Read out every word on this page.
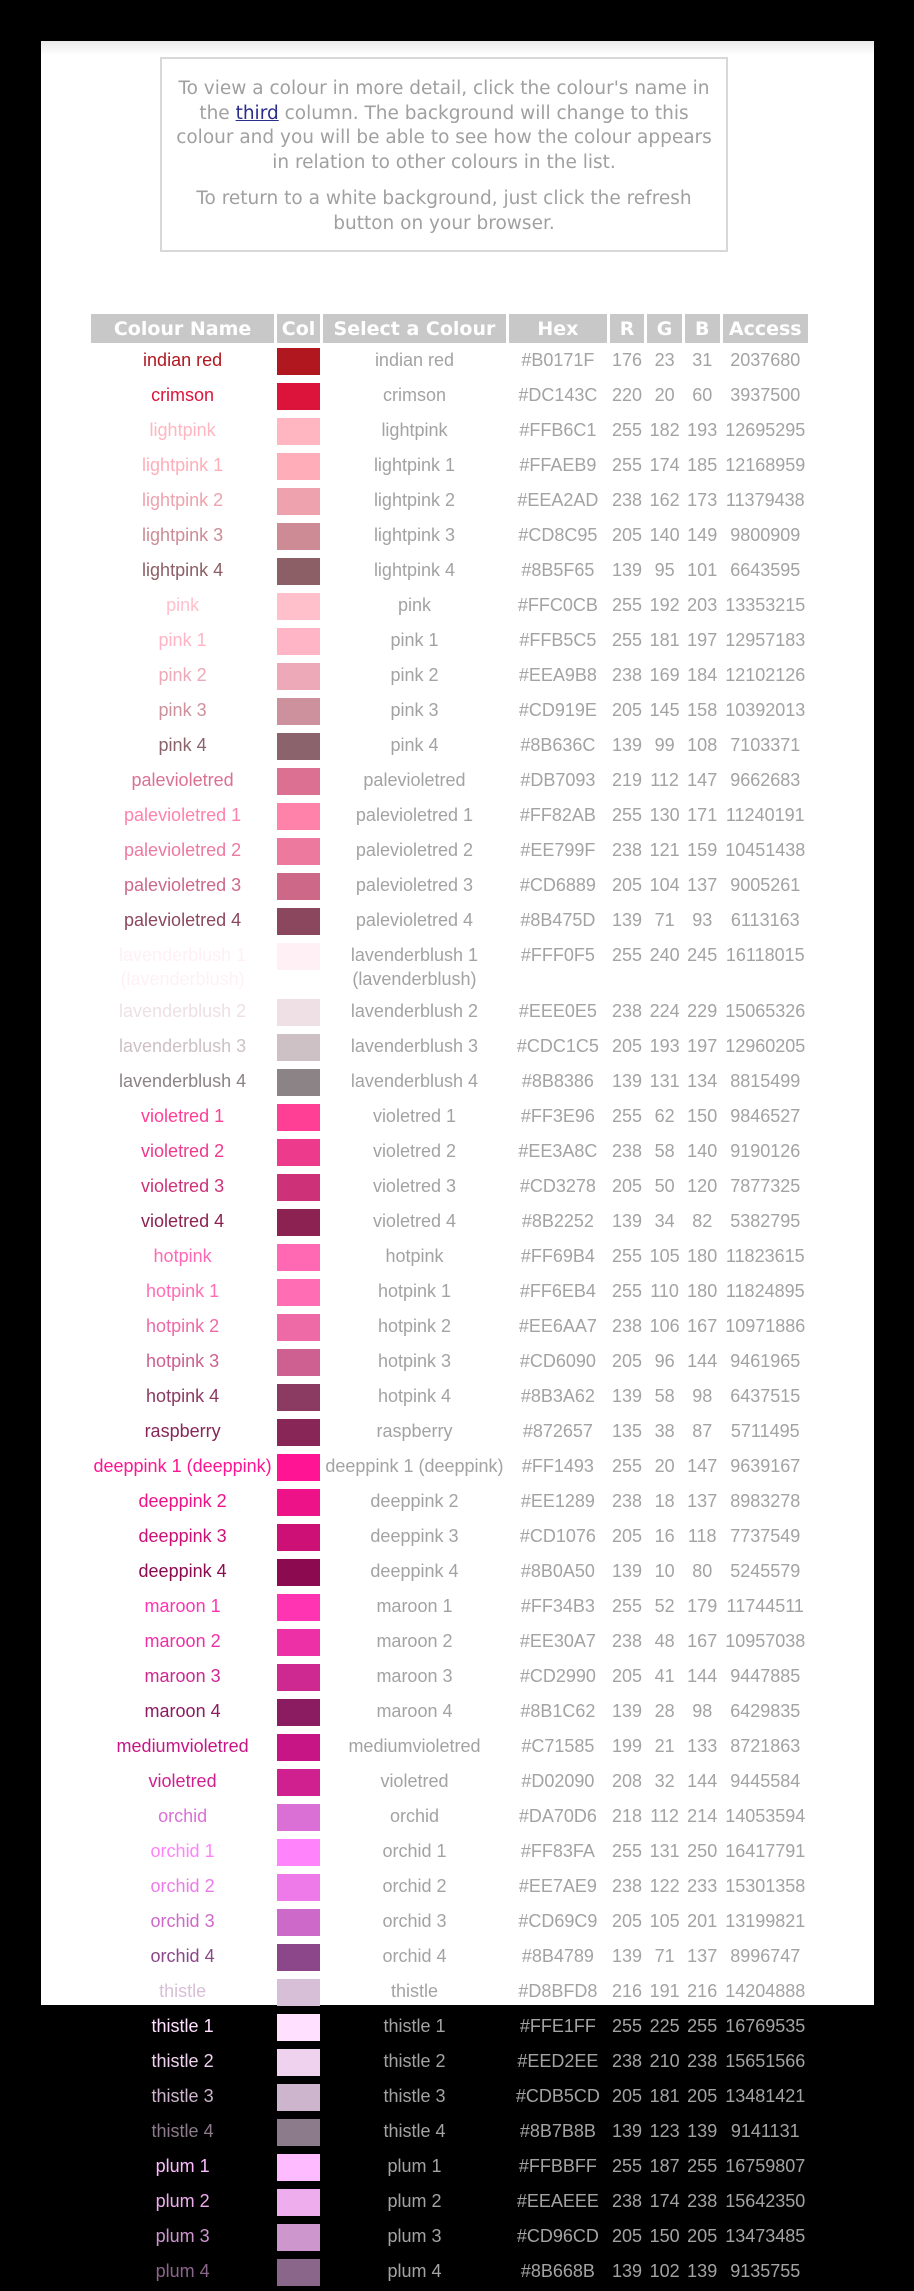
To view a colour in more detail, click the colour's name in the third column. The background will change to this colour and you will be able to see how the colour appears in relation to other colours in the list.

To return to a white background, just click the refresh button on your browser.

Colour Name	Col	Select a Colour	Hex	R	G	B	Access
indian red		indian red	#B0171F	176	23	31	2037680
crimson		crimson	#DC143C	220	20	60	3937500
lightpink		lightpink	#FFB6C1	255	182	193	12695295
lightpink 1		lightpink 1	#FFAEB9	255	174	185	12168959
lightpink 2		lightpink 2	#EEA2AD	238	162	173	11379438
lightpink 3		lightpink 3	#CD8C95	205	140	149	9800909
lightpink 4		lightpink 4	#8B5F65	139	95	101	6643595
pink		pink	#FFC0CB	255	192	203	13353215
pink 1		pink 1	#FFB5C5	255	181	197	12957183
pink 2		pink 2	#EEA9B8	238	169	184	12102126
pink 3		pink 3	#CD919E	205	145	158	10392013
pink 4		pink 4	#8B636C	139	99	108	7103371
palevioletred		palevioletred	#DB7093	219	112	147	9662683
palevioletred 1		palevioletred 1	#FF82AB	255	130	171	11240191
palevioletred 2		palevioletred 2	#EE799F	238	121	159	10451438
palevioletred 3		palevioletred 3	#CD6889	205	104	137	9005261
palevioletred 4		palevioletred 4	#8B475D	139	71	93	6113163
lavenderblush 1 (lavenderblush)		lavenderblush 1 (lavenderblush)	#FFF0F5	255	240	245	16118015
lavenderblush 2		lavenderblush 2	#EEE0E5	238	224	229	15065326
lavenderblush 3		lavenderblush 3	#CDC1C5	205	193	197	12960205
lavenderblush 4		lavenderblush 4	#8B8386	139	131	134	8815499
violetred 1		violetred 1	#FF3E96	255	62	150	9846527
violetred 2		violetred 2	#EE3A8C	238	58	140	9190126
violetred 3		violetred 3	#CD3278	205	50	120	7877325
violetred 4		violetred 4	#8B2252	139	34	82	5382795
hotpink		hotpink	#FF69B4	255	105	180	11823615
hotpink 1		hotpink 1	#FF6EB4	255	110	180	11824895
hotpink 2		hotpink 2	#EE6AA7	238	106	167	10971886
hotpink 3		hotpink 3	#CD6090	205	96	144	9461965
hotpink 4		hotpink 4	#8B3A62	139	58	98	6437515
raspberry		raspberry	#872657	135	38	87	5711495
deeppink 1 (deeppink)		deeppink 1 (deeppink)	#FF1493	255	20	147	9639167
deeppink 2		deeppink 2	#EE1289	238	18	137	8983278
deeppink 3		deeppink 3	#CD1076	205	16	118	7737549
deeppink 4		deeppink 4	#8B0A50	139	10	80	5245579
maroon 1		maroon 1	#FF34B3	255	52	179	11744511
maroon 2		maroon 2	#EE30A7	238	48	167	10957038
maroon 3		maroon 3	#CD2990	205	41	144	9447885
maroon 4		maroon 4	#8B1C62	139	28	98	6429835
mediumvioletred		mediumvioletred	#C71585	199	21	133	8721863
violetred		violetred	#D02090	208	32	144	9445584
orchid		orchid	#DA70D6	218	112	214	14053594
orchid 1		orchid 1	#FF83FA	255	131	250	16417791
orchid 2		orchid 2	#EE7AE9	238	122	233	15301358
orchid 3		orchid 3	#CD69C9	205	105	201	13199821
orchid 4		orchid 4	#8B4789	139	71	137	8996747
thistle		thistle	#D8BFD8	216	191	216	14204888
thistle 1		thistle 1	#FFE1FF	255	225	255	16769535
thistle 2		thistle 2	#EED2EE	238	210	238	15651566
thistle 3		thistle 3	#CDB5CD	205	181	205	13481421
thistle 4		thistle 4	#8B7B8B	139	123	139	9141131
plum 1		plum 1	#FFBBFF	255	187	255	16759807
plum 2		plum 2	#EEAEEE	238	174	238	15642350
plum 3		plum 3	#CD96CD	205	150	205	13473485
plum 4		plum 4	#8B668B	139	102	139	9135755
